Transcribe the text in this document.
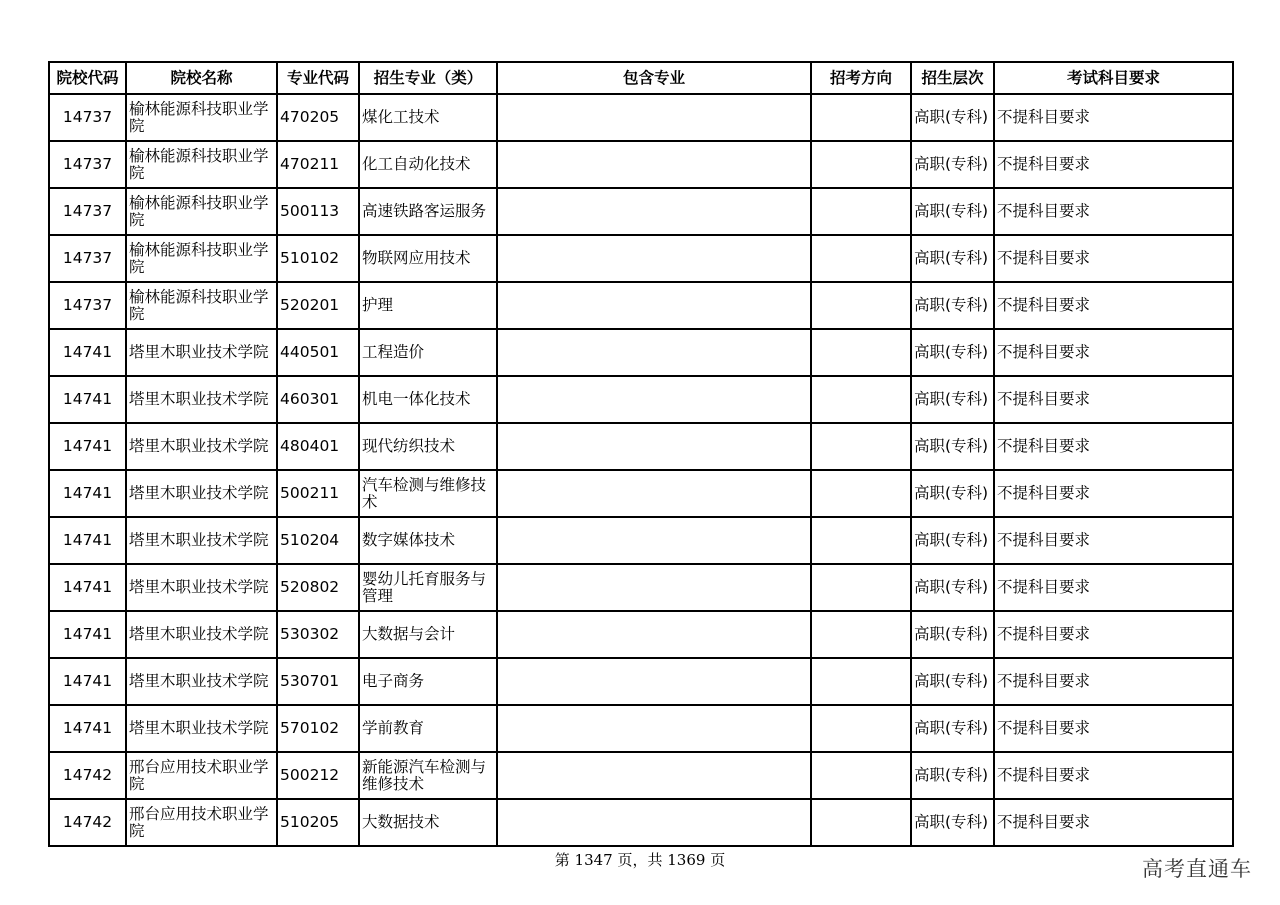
院校代码	院校名称	专业代码	招生专业（类）	包含专业	招考方向	招生层次	考试科目要求
14737	榆林能源科技职业学院	470205	煤化工技术			高职(专科)	不提科目要求
14737	榆林能源科技职业学院	470211	化工自动化技术			高职(专科)	不提科目要求
14737	榆林能源科技职业学院	500113	高速铁路客运服务			高职(专科)	不提科目要求
14737	榆林能源科技职业学院	510102	物联网应用技术			高职(专科)	不提科目要求
14737	榆林能源科技职业学院	520201	护理			高职(专科)	不提科目要求
14741	塔里木职业技术学院	440501	工程造价			高职(专科)	不提科目要求
14741	塔里木职业技术学院	460301	机电一体化技术			高职(专科)	不提科目要求
14741	塔里木职业技术学院	480401	现代纺织技术			高职(专科)	不提科目要求
14741	塔里木职业技术学院	500211	汽车检测与维修技术			高职(专科)	不提科目要求
14741	塔里木职业技术学院	510204	数字媒体技术			高职(专科)	不提科目要求
14741	塔里木职业技术学院	520802	婴幼儿托育服务与管理			高职(专科)	不提科目要求
14741	塔里木职业技术学院	530302	大数据与会计			高职(专科)	不提科目要求
14741	塔里木职业技术学院	530701	电子商务			高职(专科)	不提科目要求
14741	塔里木职业技术学院	570102	学前教育			高职(专科)	不提科目要求
14742	邢台应用技术职业学院	500212	新能源汽车检测与维修技术			高职(专科)	不提科目要求
14742	邢台应用技术职业学院	510205	大数据技术			高职(专科)	不提科目要求
第 1347 页，共 1369 页	高考直通车
